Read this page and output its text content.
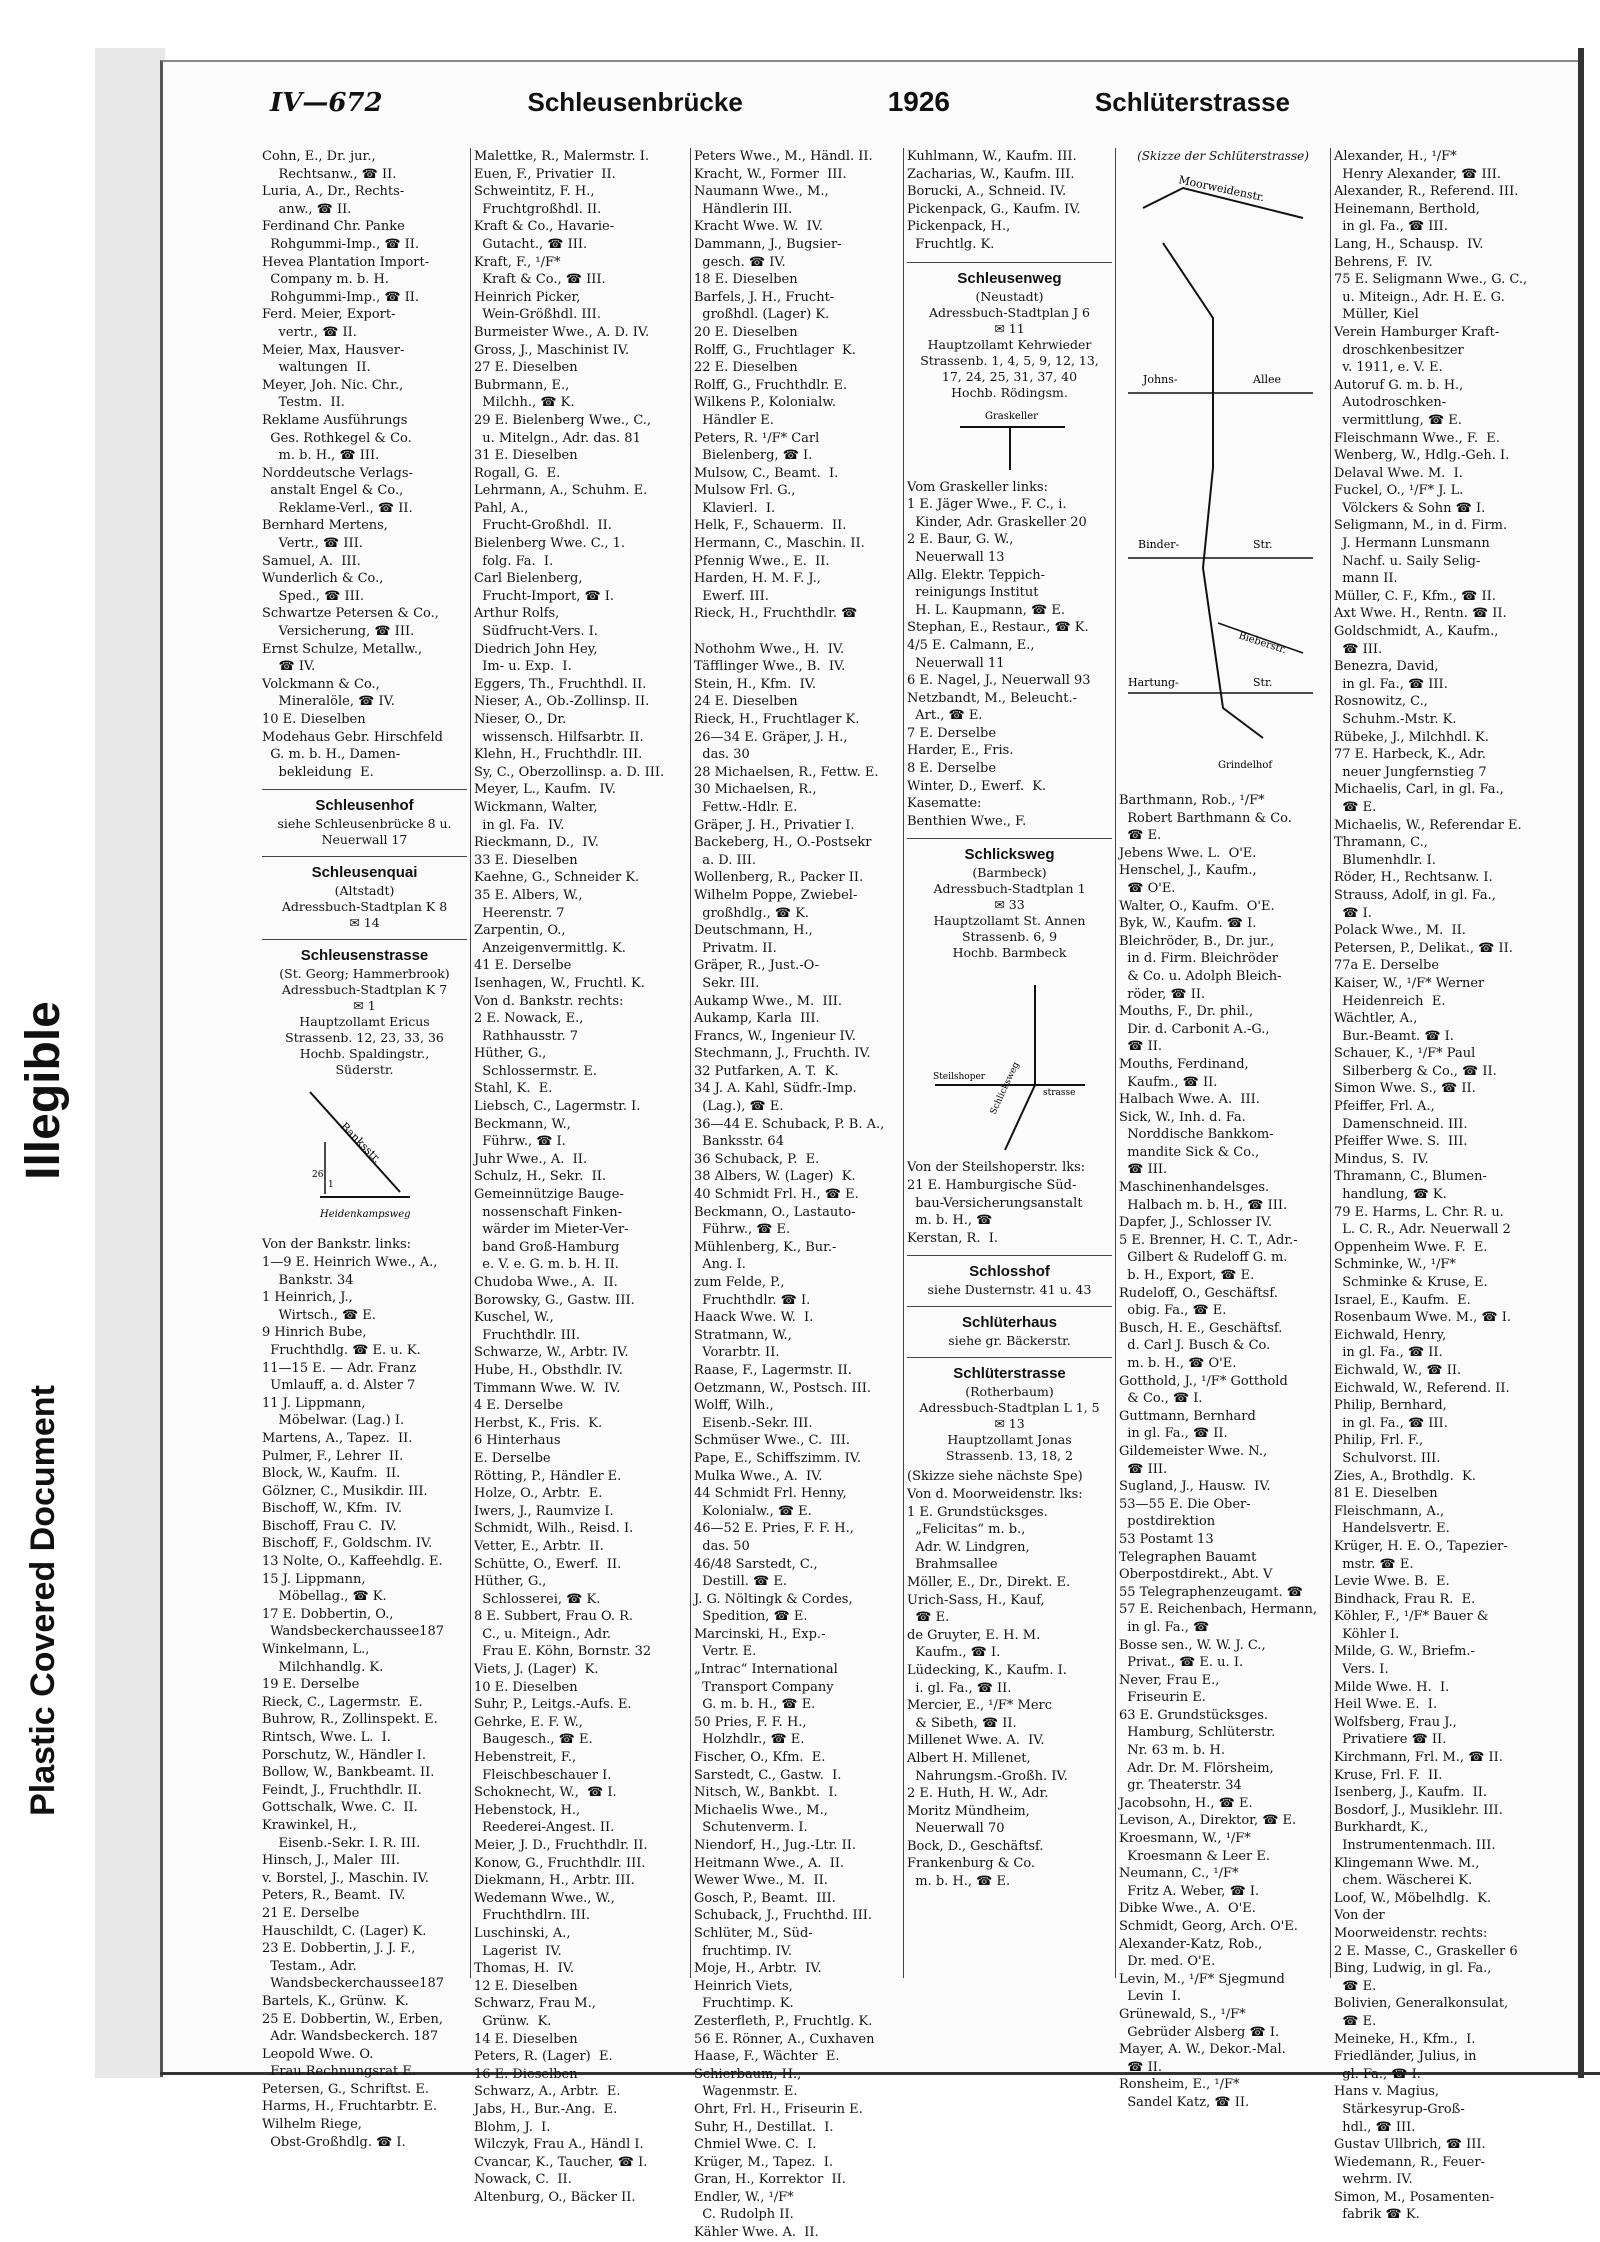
Illegible
Plastic Covered Document
IV—672	Schleusenbrücke	1926	Schlüterstrasse
Cohn, E., Dr. jur.,
Rechtsanw., ☎ II.
Luria, A., Dr., Rechts-
anw., ☎ II.
Ferdinand Chr. Panke
Rohgummi-Imp., ☎ II.
Hevea Plantation Import-
Company m. b. H.
Rohgummi-Imp., ☎ II.
Ferd. Meier, Export-
vertr., ☎ II.
Meier, Max, Hausver-
waltungen  II.
Meyer, Joh. Nic. Chr.,
Testm.  II.
Reklame Ausführungs
Ges. Rothkegel & Co.
m. b. H., ☎ III.
Norddeutsche Verlags-
anstalt Engel & Co.,
Reklame-Verl., ☎ II.
Bernhard Mertens,
Vertr., ☎ III.
Samuel, A.  III.
Wunderlich & Co.,
Sped., ☎ III.
Schwartze Petersen & Co.,
Versicherung, ☎ III.
Ernst Schulze, Metallw.,
☎ IV.
Volckmann & Co.,
Mineralöle, ☎ IV.
10 E. Dieselben
Modehaus Gebr. Hirschfeld
G. m. b. H., Damen-
bekleidung  E.
Schleusenhof
siehe Schleusenbrücke 8 u.
Neuerwall 17
Schleusenquai
(Altstadt)
Adressbuch-Stadtplan K 8
✉ 14
Schleusenstrasse
(St. Georg; Hammerbrook)
Adressbuch-Stadtplan K 7
✉ 1
Hauptzollamt Ericus
Strassenb. 12, 23, 33, 36
Hochb. Spaldingstr.,
Süderstr.
Banksstr.
Heidenkampsweg
26
1
Von der Bankstr. links:
1—9 E. Heinrich Wwe., A.,
Bankstr. 34
1 Heinrich, J.,
Wirtsch., ☎ E.
9 Hinrich Bube,
Fruchthdlg. ☎ E. u. K.
11—15 E. — Adr. Franz
Umlauff, a. d. Alster 7
11 J. Lippmann,
Möbelwar. (Lag.) I.
Martens, A., Tapez.  II.
Pulmer, F., Lehrer  II.
Block, W., Kaufm.  II.
Gölzner, C., Musikdir. III.
Bischoff, W., Kfm.  IV.
Bischoff, Frau C.  IV.
Bischoff, F., Goldschm. IV.
13 Nolte, O., Kaffeehdlg. E.
15 J. Lippmann,
Möbellag., ☎ K.
17 E. Dobbertin, O.,
Wandsbeckerchaussee187
Winkelmann, L.,
Milchhandlg. K.
19 E. Derselbe
Rieck, C., Lagermstr.  E.
Buhrow, R., Zollinspekt. E.
Rintsch, Wwe. L.  I.
Porschutz, W., Händler I.
Bollow, W., Bankbeamt. II.
Feindt, J., Fruchthdlr. II.
Gottschalk, Wwe. C.  II.
Krawinkel, H.,
Eisenb.-Sekr. I. R. III.
Hinsch, J., Maler  III.
v. Borstel, J., Maschin. IV.
Peters, R., Beamt.  IV.
21 E. Derselbe
Hauschildt, C. (Lager) K.
23 E. Dobbertin, J. J. F.,
Testam., Adr.
Wandsbeckerchaussee187
Bartels, K., Grünw.  K.
25 E. Dobbertin, W., Erben,
Adr. Wandsbeckerch. 187
Leopold Wwe. O.
Frau Rechnungsrat E.
Petersen, G., Schriftst. E.
Harms, H., Fruchtarbtr. E.
Wilhelm Riege,
Obst-Großhdlg. ☎ I.
Malettke, R., Malermstr. I.
Euen, F., Privatier  II.
Schweintitz, F. H.,
Fruchtgroßhdl. II.
Kraft & Co., Havarie-
Gutacht., ☎ III.
Kraft, F., ¹/F*
Kraft & Co., ☎ III.
Heinrich Picker,
Wein-Größhdl. III.
Burmeister Wwe., A. D. IV.
Gross, J., Maschinist IV.
27 E. Dieselben
Bubrmann, E.,
Milchh., ☎ K.
29 E. Bielenberg Wwe., C.,
u. Mitelgn., Adr. das. 81
31 E. Dieselben
Rogall, G.  E.
Lehrmann, A., Schuhm. E.
Pahl, A.,
Frucht-Großhdl.  II.
Bielenberg Wwe. C., 1.
folg. Fa.  I.
Carl Bielenberg,
Frucht-Import, ☎ I.
Arthur Rolfs,
Südfrucht-Vers. I.
Diedrich John Hey,
Im- u. Exp.  I.
Eggers, Th., Fruchthdl. II.
Nieser, A., Ob.-Zollinsp. II.
Nieser, O., Dr.
wissensch. Hilfsarbtr. II.
Klehn, H., Fruchthdlr. III.
Sy, C., Oberzollinsp. a. D. III.
Meyer, L., Kaufm.  IV.
Wickmann, Walter,
in gl. Fa.  IV.
Rieckmann, D.,  IV.
33 E. Dieselben
Kaehne, G., Schneider K.
35 E. Albers, W.,
Heerenstr. 7
Zarpentin, O.,
Anzeigenvermittlg. K.
41 E. Derselbe
Isenhagen, W., Fruchtl. K.
Von d. Bankstr. rechts:
2 E. Nowack, E.,
Rathhausstr. 7
Hüther, G.,
Schlossermstr. E.
Stahl, K.  E.
Liebsch, C., Lagermstr. I.
Beckmann, W.,
Führw., ☎ I.
Juhr Wwe., A.  II.
Schulz, H., Sekr.  II.
Gemeinnützige Bauge-
nossenschaft Finken-
wärder im Mieter-Ver-
band Groß-Hamburg
e. V. e. G. m. b. H. II.
Chudoba Wwe., A.  II.
Borowsky, G., Gastw. III.
Kuschel, W.,
Fruchthdlr. III.
Schwarze, W., Arbtr. IV.
Hube, H., Obsthdlr. IV.
Timmann Wwe. W.  IV.
4 E. Derselbe
Herbst, K., Fris.  K.
6 Hinterhaus
E. Derselbe
Rötting, P., Händler E.
Holze, O., Arbtr.  E.
Iwers, J., Raumvize I.
Schmidt, Wilh., Reisd. I.
Vetter, E., Arbtr.  II.
Schütte, O., Ewerf.  II.
Hüther, G.,
Schlosserei, ☎ K.
8 E. Subbert, Frau O. R.
C., u. Miteign., Adr.
Frau E. Köhn, Bornstr. 32
Viets, J. (Lager)  K.
10 E. Dieselben
Suhr, P., Leitgs.-Aufs. E.
Gehrke, E. F. W.,
Baugesch., ☎ E.
Hebenstreit, F.,
Fleischbeschauer I.
Schoknecht, W.,  ☎ I.
Hebenstock, H.,
Reederei-Angest. II.
Meier, J. D., Fruchthdlr. II.
Konow, G., Fruchthdlr. III.
Diekmann, H., Arbtr. III.
Wedemann Wwe., W.,
Fruchthdlrn. III.
Luschinski, A.,
Lagerist  IV.
Thomas, H.  IV.
12 E. Dieselben
Schwarz, Frau M.,
Grünw.  K.
14 E. Dieselben
Peters, R. (Lager)  E.
16 E. Dieselben
Schwarz, A., Arbtr.  E.
Jabs, H., Bur.-Ang.  E.
Blohm, J.  I.
Wilczyk, Frau A., Händl I.
Cvancar, K., Taucher, ☎ I.
Nowack, C.  II.
Altenburg, O., Bäcker II.
Peters Wwe., M., Händl. II.
Kracht, W., Former  III.
Naumann Wwe., M.,
Händlerin III.
Kracht Wwe. W.  IV.
Dammann, J., Bugsier-
gesch. ☎ IV.
18 E. Dieselben
Barfels, J. H., Frucht-
großhdl. (Lager) K.
20 E. Dieselben
Rolff, G., Fruchtlager  K.
22 E. Dieselben
Rolff, G., Fruchthdlr. E.
Wilkens P., Kolonialw.
Händler E.
Peters, R. ¹/F* Carl
Bielenberg, ☎ I.
Mulsow, C., Beamt.  I.
Mulsow Frl. G.,
Klavierl.  I.
Helk, F., Schauerm.  II.
Hermann, C., Maschin. II.
Pfennig Wwe., E.  II.
Harden, H. M. F. J.,
Ewerf. III.
Rieck, H., Fruchthdlr. ☎

Nothohm Wwe., H.  IV.
Täfflinger Wwe., B.  IV.
Stein, H., Kfm.  IV.
24 E. Dieselben
Rieck, H., Fruchtlager K.
26—34 E. Gräper, J. H.,
das. 30
28 Michaelsen, R., Fettw. E.
30 Michaelsen, R.,
Fettw.-Hdlr. E.
Gräper, J. H., Privatier I.
Backeberg, H., O.-Postsekr
a. D. III.
Wollenberg, R., Packer II.
Wilhelm Poppe, Zwiebel-
großhdlg., ☎ K.
Deutschmann, H.,
Privatm. II.
Gräper, R., Just.-O-
Sekr. III.
Aukamp Wwe., M.  III.
Aukamp, Karla  III.
Francs, W., Ingenieur IV.
Stechmann, J., Fruchth. IV.
32 Putfarken, A. T.  K.
34 J. A. Kahl, Südfr.-Imp.
(Lag.), ☎ E.
36—44 E. Schuback, P. B. A.,
Banksstr. 64
36 Schuback, P.  E.
38 Albers, W. (Lager)  K.
40 Schmidt Frl. H., ☎ E.
Beckmann, O., Lastauto-
Führw., ☎ E.
Mühlenberg, K., Bur.-
Ang. I.
zum Felde, P.,
Fruchthdlr. ☎ I.
Haack Wwe. W.  I.
Stratmann, W.,
Vorarbtr. II.
Raase, F., Lagermstr. II.
Oetzmann, W., Postsch. III.
Wolff, Wilh.,
Eisenb.-Sekr. III.
Schmüser Wwe., C.  III.
Pape, E., Schiffszimm. IV.
Mulka Wwe., A.  IV.
44 Schmidt Frl. Henny,
Kolonialw., ☎ E.
46—52 E. Pries, F. F. H.,
das. 50
46/48 Sarstedt, C.,
Destill. ☎ E.
J. G. Nöltingk & Cordes,
Spedition, ☎ E.
Marcinski, H., Exp.-
Vertr. E.
„Intrac“ International
Transport Company
G. m. b. H., ☎ E.
50 Pries, F. F. H.,
Holzhdlr., ☎ E.
Fischer, O., Kfm.  E.
Sarstedt, C., Gastw.  I.
Nitsch, W., Bankbt.  I.
Michaelis Wwe., M.,
Schutenverm. I.
Niendorf, H., Jug.-Ltr. II.
Heitmann Wwe., A.  II.
Wewer Wwe., M.  II.
Gosch, P., Beamt.  III.
Schuback, J., Fruchthd. III.
Schlüter, M., Süd-
fruchtimp. IV.
Moje, H., Arbtr.  IV.
Heinrich Viets,
Fruchtimp. K.
Zesterfleth, P., Fruchtlg. K.
56 E. Rönner, A., Cuxhaven
Haase, F., Wächter  E.
Schierbaum, H.,
Wagenmstr. E.
Ohrt, Frl. H., Friseurin E.
Suhr, H., Destillat.  I.
Chmiel Wwe. C.  I.
Krüger, M., Tapez.  I.
Gran, H., Korrektor  II.
Endler, W., ¹/F*
C. Rudolph II.
Kähler Wwe. A.  II.
Kuhlmann, W., Kaufm. III.
Zacharias, W., Kaufm. III.
Borucki, A., Schneid. IV.
Pickenpack, G., Kaufm. IV.
Pickenpack, H.,
Fruchtlg. K.
Schleusenweg
(Neustadt)
Adressbuch-Stadtplan J 6
✉ 11
Hauptzollamt Kehrwieder
Strassenb. 1, 4, 5, 9, 12, 13,
17, 24, 25, 31, 37, 40
Hochb. Rödingsm.
Graskeller
Vom Graskeller links:
1 E. Jäger Wwe., F. C., i.
Kinder, Adr. Graskeller 20
2 E. Baur, G. W.,
Neuerwall 13
Allg. Elektr. Teppich-
reinigungs Institut
H. L. Kaupmann, ☎ E.
Stephan, E., Restaur., ☎ K.
4/5 E. Calmann, E.,
Neuerwall 11
6 E. Nagel, J., Neuerwall 93
Netzbandt, M., Beleucht.-
Art., ☎ E.
7 E. Derselbe
Harder, E., Fris.
8 E. Derselbe
Winter, D., Ewerf.  K.
Kasematte:
Benthien Wwe., F.
Schlicksweg
(Barmbeck)
Adressbuch-Stadtplan 1
✉ 33
Hauptzollamt St. Annen
Strassenb. 6, 9
Hochb. Barmbeck
Steilshoper
strasse
Schlicksweg
Von der Steilshoperstr. lks:
21 E. Hamburgische Süd-
bau-Versicherungsanstalt
m. b. H., ☎
Kerstan, R.  I.
Schlosshof
siehe Dusternstr. 41 u. 43
Schlüterhaus
siehe gr. Bäckerstr.
Schlüterstrasse
(Rotherbaum)
Adressbuch-Stadtplan L 1, 5
✉ 13
Hauptzollamt Jonas
Strassenb. 13, 18, 2
(Skizze siehe nächste Spe)
Von d. Moorweidenstr. lks:
1 E. Grundstücksges.
„Felicitas“ m. b.,
Adr. W. Lindgren,
Brahmsallee
Möller, E., Dr., Direkt. E.
Urich-Sass, H., Kauf,
☎ E.
de Gruyter, E. H. M.
Kaufm., ☎ I.
Lüdecking, K., Kaufm. I.
i. gl. Fa., ☎ II.
Mercier, E., ¹/F* Merc
& Sibeth, ☎ II.
Millenet Wwe. A.  IV.
Albert H. Millenet,
Nahrungsm.-Großh. IV.
2 E. Huth, H. W., Adr.
Moritz Mündheim,
Neuerwall 70
Bock, D., Geschäftsf.
Frankenburg & Co.
m. b. H., ☎ E.
(Skizze der Schlüterstrasse)
Moorweidenstr.
Johns-	Allee
Binder-	Str.
Bieberstr.
Hartung-	Str.
Grindelhof
Barthmann, Rob., ¹/F*
Robert Barthmann & Co.
☎ E.
Jebens Wwe. L.  O'E.
Henschel, J., Kaufm.,
☎ O'E.
Walter, O., Kaufm.  O'E.
Byk, W., Kaufm. ☎ I.
Bleichröder, B., Dr. jur.,
in d. Firm. Bleichröder
& Co. u. Adolph Bleich-
röder, ☎ II.
Mouths, F., Dr. phil.,
Dir. d. Carbonit A.-G.,
☎ II.
Mouths, Ferdinand,
Kaufm., ☎ II.
Halbach Wwe. A.  III.
Sick, W., Inh. d. Fa.
Norddische Bankkom-
mandite Sick & Co.,
☎ III.
Maschinenhandelsges.
Halbach m. b. H., ☎ III.
Dapfer, J., Schlosser IV.
5 E. Brenner, H. C. T., Adr.-
Gilbert & Rudeloff G. m.
b. H., Export, ☎ E.
Rudeloff, O., Geschäftsf.
obig. Fa., ☎ E.
Busch, H. E., Geschäftsf.
d. Carl J. Busch & Co.
m. b. H., ☎ O'E.
Gotthold, J., ¹/F* Gotthold
& Co., ☎ I.
Guttmann, Bernhard
in gl. Fa., ☎ II.
Gildemeister Wwe. N.,
☎ III.
Sugland, J., Hausw.  IV.
53—55 E. Die Ober-
postdirektion
53 Postamt 13
Telegraphen Bauamt
Oberpostdirekt., Abt. V
55 Telegraphenzeugamt. ☎
57 E. Reichenbach, Hermann,
in gl. Fa., ☎
Bosse sen., W. W. J. C.,
Privat., ☎ E. u. I.
Never, Frau E.,
Friseurin E.
63 E. Grundstücksges.
Hamburg, Schlüterstr.
Nr. 63 m. b. H.
Adr. Dr. M. Flörsheim,
gr. Theaterstr. 34
Jacobsohn, H., ☎ E.
Levison, A., Direktor, ☎ E.
Kroesmann, W., ¹/F*
Kroesmann & Leer E.
Neumann, C., ¹/F*
Fritz A. Weber, ☎ I.
Dibke Wwe., A.  O'E.
Schmidt, Georg, Arch. O'E.
Alexander-Katz, Rob.,
Dr. med. O'E.
Levin, M., ¹/F* Sjegmund
Levin  I.
Grünewald, S., ¹/F*
Gebrüder Alsberg ☎ I.
Mayer, A. W., Dekor.-Mal.
☎ II.
Ronsheim, E., ¹/F*
Sandel Katz, ☎ II.
Alexander, H., ¹/F*
Henry Alexander, ☎ III.
Alexander, R., Referend. III.
Heinemann, Berthold,
in gl. Fa., ☎ III.
Lang, H., Schausp.  IV.
Behrens, F.  IV.
75 E. Seligmann Wwe., G. C.,
u. Miteign., Adr. H. E. G.
Müller, Kiel
Verein Hamburger Kraft-
droschkenbesitzer
v. 1911, e. V. E.
Autoruf G. m. b. H.,
Autodroschken-
vermittlung, ☎ E.
Fleischmann Wwe., F.  E.
Wenberg, W., Hdlg.-Geh. I.
Delaval Wwe. M.  I.
Fuckel, O., ¹/F* J. L.
Völckers & Sohn ☎ I.
Seligmann, M., in d. Firm.
J. Hermann Lunsmann
Nachf. u. Saily Selig-
mann II.
Müller, C. F., Kfm., ☎ II.
Axt Wwe. H., Rentn. ☎ II.
Goldschmidt, A., Kaufm.,
☎ III.
Benezra, David,
in gl. Fa., ☎ III.
Rosnowitz, C.,
Schuhm.-Mstr. K.
Rübeke, J., Milchhdl. K.
77 E. Harbeck, K., Adr.
neuer Jungfernstieg 7
Michaelis, Carl, in gl. Fa.,
☎ E.
Michaelis, W., Referendar E.
Thramann, C.,
Blumenhdlr. I.
Röder, H., Rechtsanw. I.
Strauss, Adolf, in gl. Fa.,
☎ I.
Polack Wwe., M.  II.
Petersen, P., Delikat., ☎ II.
77a E. Derselbe
Kaiser, W., ¹/F* Werner
Heidenreich  E.
Wächtler, A.,
Bur.-Beamt. ☎ I.
Schauer, K., ¹/F* Paul
Silberberg & Co., ☎ II.
Simon Wwe. S., ☎ II.
Pfeiffer, Frl. A.,
Damenschneid. III.
Pfeiffer Wwe. S.  III.
Mindus, S.  IV.
Thramann, C., Blumen-
handlung, ☎ K.
79 E. Harms, L. Chr. R. u.
L. C. R., Adr. Neuerwall 2
Oppenheim Wwe. F.  E.
Schminke, W., ¹/F*
Schminke & Kruse, E.
Israel, E., Kaufm.  E.
Rosenbaum Wwe. M., ☎ I.
Eichwald, Henry,
in gl. Fa., ☎ II.
Eichwald, W., ☎ II.
Eichwald, W., Referend. II.
Philip, Bernhard,
in gl. Fa., ☎ III.
Philip, Frl. F.,
Schulvorst. III.
Zies, A., Brothdlg.  K.
81 E. Dieselben
Fleischmann, A.,
Handelsvertr. E.
Krüger, H. E. O., Tapezier-
mstr. ☎ E.
Levie Wwe. B.  E.
Bindhack, Frau R.  E.
Köhler, F., ¹/F* Bauer &
Köhler I.
Milde, G. W., Briefm.-
Vers. I.
Milde Wwe. H.  I.
Heil Wwe. E.  I.
Wolfsberg, Frau J.,
Privatiere ☎ II.
Kirchmann, Frl. M., ☎ II.
Kruse, Frl. F.  II.
Isenberg, J., Kaufm.  II.
Bosdorf, J., Musiklehr. III.
Burkhardt, K.,
Instrumentenmach. III.
Klingemann Wwe. M.,
chem. Wäscherei K.
Loof, W., Möbelhdlg.  K.
Von der
Moorweidenstr. rechts:
2 E. Masse, C., Graskeller 6
Bing, Ludwig, in gl. Fa.,
☎ E.
Bolivien, Generalkonsulat,
☎ E.
Meineke, H., Kfm.,  I.
Friedländer, Julius, in
gl. Fa., ☎ I.
Hans v. Magius,
Stärkesyrup-Groß-
hdl., ☎ III.
Gustav Ullbrich, ☎ III.
Wiedemann, R., Feuer-
wehrm. IV.
Simon, M., Posamenten-
fabrik ☎ K.
